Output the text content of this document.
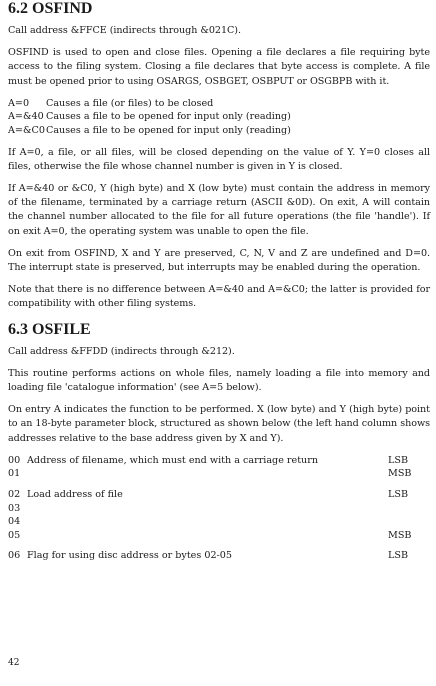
6.2 OSFIND

Call address &FFCE (indirects through &021C).

OSFIND is used to open and close files. Opening a file declares a file requiring byte access to the filing system. Closing a file declares that byte access is complete. A file must be opened prior to using OSARGS, OSBGET, OSBPUT or OSGBPB with it.

A=0	Causes a file (or files) to be closed
A=&40	Causes a file to be opened for input only (reading)
A=&C0	Causes a file to be opened for input only (reading)

If A=0, a file, or all files, will be closed depending on the value of Y. Y=0 closes all files, otherwise the file whose channel number is given in Y is closed.

If A=&40 or &C0, Y (high byte) and X (low byte) must contain the address in memory of the filename, terminated by a carriage return (ASCII &0D). On exit, A will contain the channel number allocated to the file for all future operations (the file 'handle'). If on exit A=0, the operating system was unable to open the file.

On exit from OSFIND, X and Y are preserved, C, N, V and Z are undefined and D=0. The interrupt state is preserved, but interrupts may be enabled during the operation.

Note that there is no difference between A=&40 and A=&C0; the latter is provided for compatibility with other filing systems.

6.3 OSFILE

Call address &FFDD (indirects through &212).

This routine performs actions on whole files, namely loading a file into memory and loading file 'catalogue information' (see A=5 below).

On entry A indicates the function to be performed. X (low byte) and Y (high byte) point to an 18-byte parameter block, structured as shown below (the left hand column shows addresses relative to the base address given by X and Y).

00	Address of filename, which must end with a carriage return	LSB
01		MSB
02	Load address of file	LSB
03		
04		
05		MSB
06	Flag for using disc address or bytes 02-05	LSB
42
